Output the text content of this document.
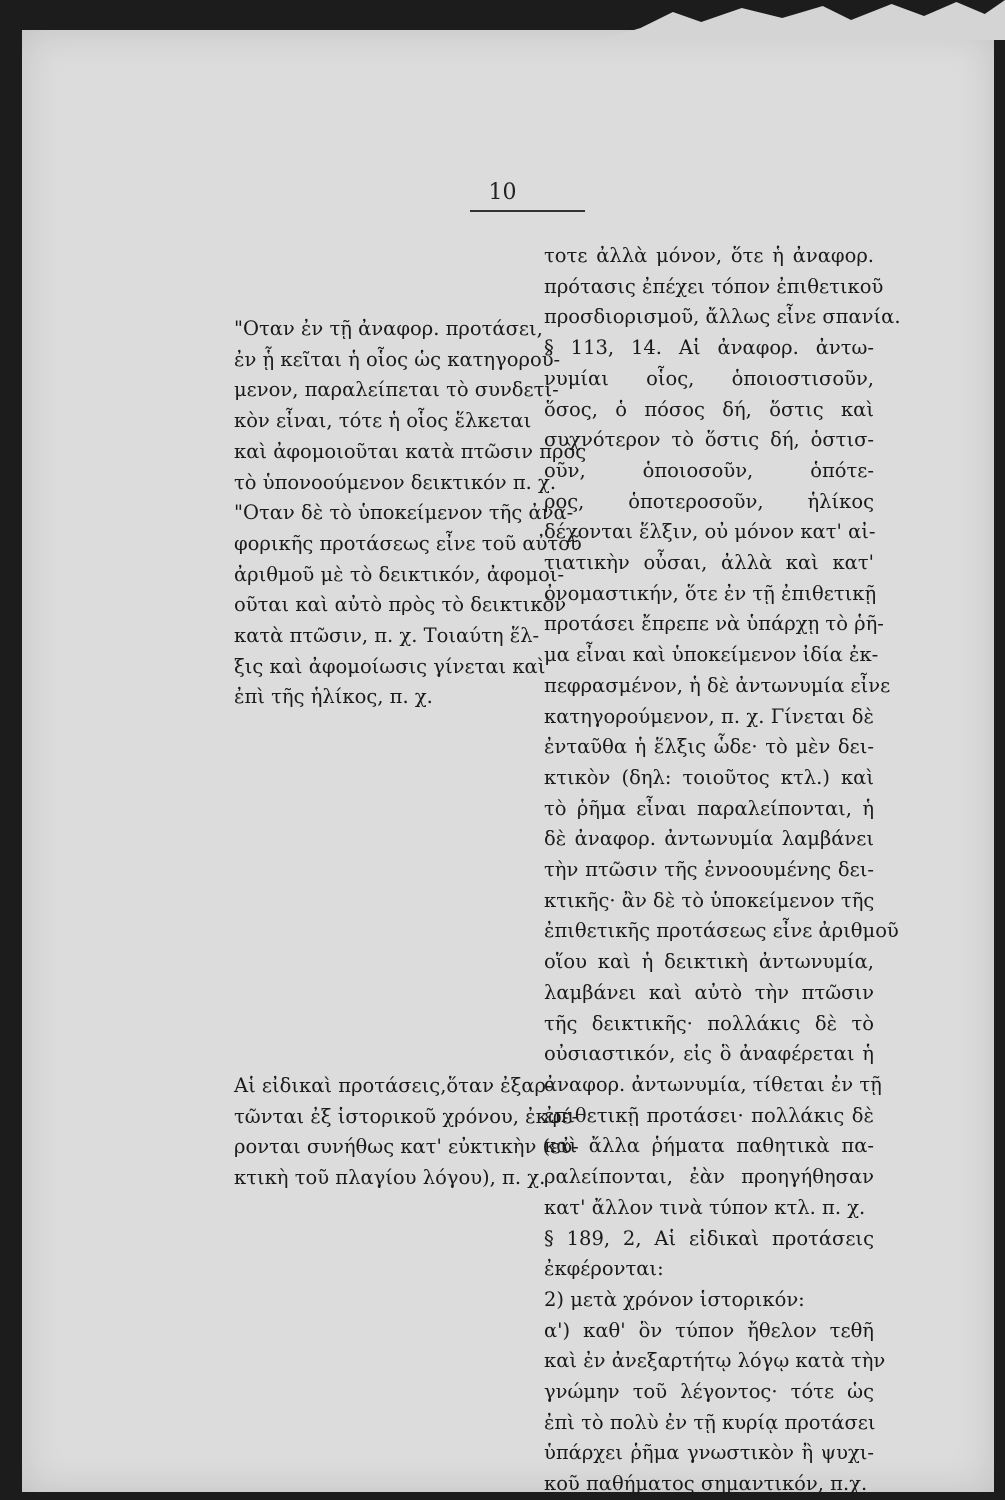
10
"Οταν ἐν τῇ ἀναφορ. προτάσει,
ἐν ᾗ κεῖται ἡ οἷος ὡς κατηγορού-
μενον, παραλείπεται τὸ συνδετι-
κὸν εἶναι, τότε ἡ οἷος ἕλκεται
καὶ ἀφομοιοῦται κατὰ πτῶσιν πρὸς
τὸ ὑπονοούμενον δεικτικόν π. χ.
"Οταν δὲ τὸ ὑποκείμενον τῆς ἀνα-
φορικῆς προτάσεως εἶνε τοῦ αὐτοῦ
ἀριθμοῦ μὲ τὸ δεικτικόν, ἀφομοι-
οῦται καὶ αὐτὸ πρὸς τὸ δεικτικὸν
κατὰ πτῶσιν, π. χ. Τοιαύτη ἕλ-
ξις καὶ ἀφομοίωσις γίνεται καὶ
ἐπὶ τῆς ἡλίκος, π. χ.
Αἱ εἰδικαὶ προτάσεις,ὅταν ἐξαρ-
τῶνται ἐξ ἱστορικοῦ χρόνου, ἐκφέ-
ρονται συνήθως κατ' εὐκτικὴν (εὐ-
κτικὴ τοῦ πλαγίου λόγου), π. χ.
τοτε ἀλλὰ μόνον, ὅτε ἡ ἀναφορ.
πρότασις ἐπέχει τόπον ἐπιθετικοῦ
προσδιορισμοῦ, ἄλλως εἶνε σπανία.
§ 113, 14. Αἱ ἀναφορ. ἀντω-
νυμίαι οἷος, ὁποιοστισοῦν,
ὅσος, ὁ πόσος δή, ὅστις καὶ
συχνότερον τὸ ὅστις δή, ὁστισ-
οῦν, ὁποιοσοῦν, ὁπότε-
ρος, ὁποτεροσοῦν, ἡλίκος
δέχονται ἕλξιν, οὐ μόνον κατ' αἰ-
τιατικὴν οὖσαι, ἀλλὰ καὶ κατ'
ὀνομαστικήν, ὅτε ἐν τῇ ἐπιθετικῇ
προτάσει ἔπρεπε νὰ ὑπάρχῃ τὸ ῥῆ-
μα εἶναι καὶ ὑποκείμενον ἰδία ἐκ-
πεφρασμένον, ἡ δὲ ἀντωνυμία εἶνε
κατηγορούμενον, π. χ. Γίνεται δὲ
ἐνταῦθα ἡ ἕλξις ὧδε· τὸ μὲν δει-
κτικὸν (δηλ: τοιοῦτος κτλ.) καὶ
τὸ ῥῆμα εἶναι παραλείπονται, ἡ
δὲ ἀναφορ. ἀντωνυμία λαμβάνει
τὴν πτῶσιν τῆς ἐννοουμένης δει-
κτικῆς· ἂν δὲ τὸ ὑποκείμενον τῆς
ἐπιθετικῆς προτάσεως εἶνε ἀριθμοῦ
οἵου καὶ ἡ δεικτικὴ ἀντωνυμία,
λαμβάνει καὶ αὐτὸ τὴν πτῶσιν
τῆς δεικτικῆς· πολλάκις δὲ τὸ
οὐσιαστικόν, εἰς ὃ ἀναφέρεται ἡ
ἀναφορ. ἀντωνυμία, τίθεται ἐν τῇ
ἐπιθετικῇ προτάσει· πολλάκις δὲ
καὶ ἄλλα ῥήματα παθητικὰ πα-
ραλείπονται, ἐὰν προηγήθησαν
κατ' ἄλλον τινὰ τύπον κτλ. π. χ.
§ 189, 2, Αἱ εἰδικαὶ προτάσεις
ἐκφέρονται:
2) μετὰ χρόνον ἱστορικόν:
α') καθ' ὃν τύπον ἤθελον τεθῆ
καὶ ἐν ἀνεξαρτήτῳ λόγῳ κατὰ τὴν
γνώμην τοῦ λέγοντος· τότε ὡς
ἐπὶ τὸ πολὺ ἐν τῇ κυρίᾳ προτάσει
ὑπάρχει ῥῆμα γνωστικὸν ἢ ψυχι-
κοῦ παθήματος σημαντικόν, π.χ.
